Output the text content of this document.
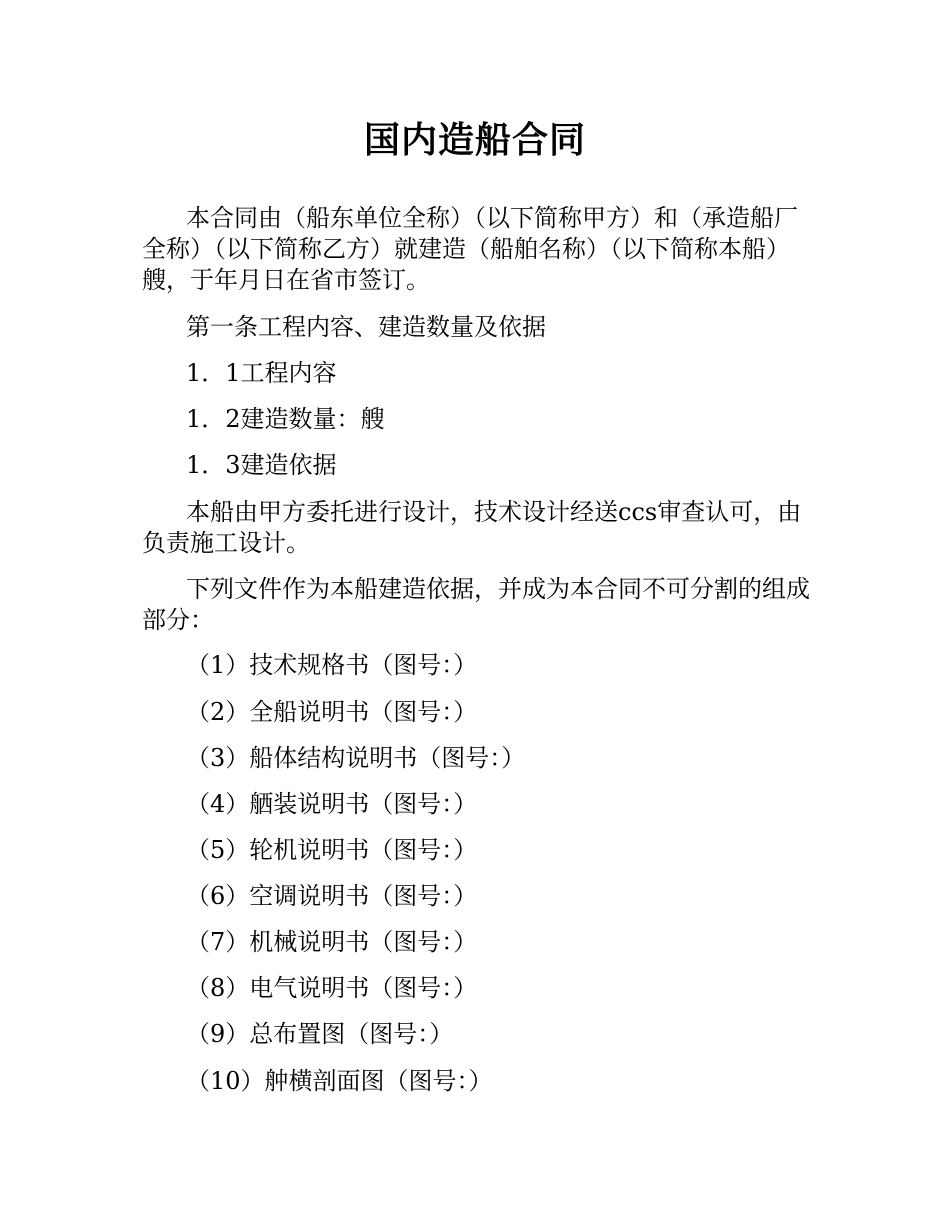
国内造船合同

本合同由（船东单位全称）（以下简称甲方）和（承造船厂全称）（以下简称乙方）就建造（船舶名称）（以下简称本船）艘，于年月日在省市签订。

第一条工程内容、建造数量及依据

1．1工程内容

1．2建造数量：艘

1．3建造依据

本船由甲方委托进行设计，技术设计经送ccs审查认可，由负责施工设计。

下列文件作为本船建造依据，并成为本合同不可分割的组成部分：

（1）技术规格书（图号：）

（2）全船说明书（图号：）

（3）船体结构说明书（图号：）

（4）舾装说明书（图号：）

（5）轮机说明书（图号：）

（6）空调说明书（图号：）

（7）机械说明书（图号：）

（8）电气说明书（图号：）

（9）总布置图（图号：）

（10）舯横剖面图（图号：）
